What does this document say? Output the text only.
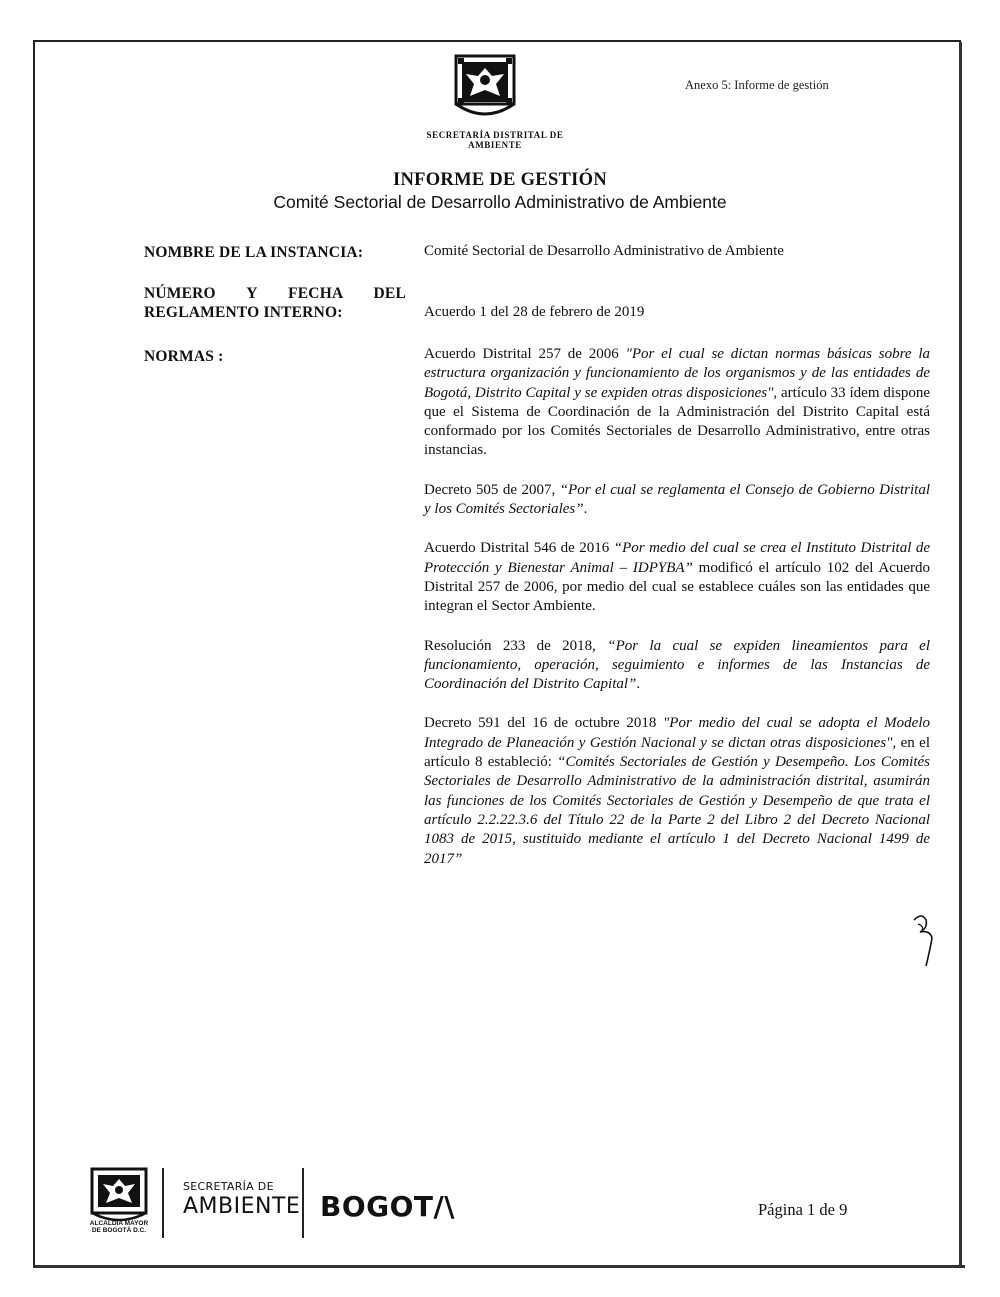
SECRETARÍA DISTRITAL DE
AMBIENTE
Anexo 5: Informe de gestión
INFORME DE GESTIÓN
Comité Sectorial de Desarrollo Administrativo de Ambiente
NOMBRE DE LA INSTANCIA:	Comité Sectorial de Desarrollo Administrativo de Ambiente
NÚMERO Y FECHA DEL
REGLAMENTO INTERNO:	Acuerdo 1 del 28 de febrero de 2019
NORMAS :	Acuerdo Distrital 257 de 2006 "Por el cual se dictan normas básicas sobre la estructura organización y funcionamiento de los organismos y de las entidades de Bogotá, Distrito Capital y se expiden otras disposiciones", artículo 33 ídem dispone que el Sistema de Coordinación de la Administración del Distrito Capital está conformado por los Comités Sectoriales de Desarrollo Administrativo, entre otras instancias.

Decreto 505 de 2007, “Por el cual se reglamenta el Consejo de Gobierno Distrital y los Comités Sectoriales”.

Acuerdo Distrital 546 de 2016 “Por medio del cual se crea el Instituto Distrital de Protección y Bienestar Animal – IDPYBA” modificó el artículo 102 del Acuerdo Distrital 257 de 2006, por medio del cual se establece cuáles son las entidades que integran el Sector Ambiente.

Resolución 233 de 2018, “Por la cual se expiden lineamientos para el funcionamiento, operación, seguimiento e informes de las Instancias de Coordinación del Distrito Capital”.

Decreto 591 del 16 de octubre 2018 "Por medio del cual se adopta el Modelo Integrado de Planeación y Gestión Nacional y se dictan otras disposiciones", en el artículo 8 estableció: “Comités Sectoriales de Gestión y Desempeño. Los Comités Sectoriales de Desarrollo Administrativo de la administración distrital, asumirán las funciones de los Comités Sectoriales de Gestión y Desempeño de que trata el artículo 2.2.22.3.6 del Título 22 de la Parte 2 del Libro 2 del Decreto Nacional 1083 de 2015, sustituido mediante el artículo 1 del Decreto Nacional 1499 de 2017”

ALCALDÍA MAYOR
DE BOGOTÁ D.C.
SECRETARÍA DE
AMBIENTE BOGOT/\	Página 1 de 9
